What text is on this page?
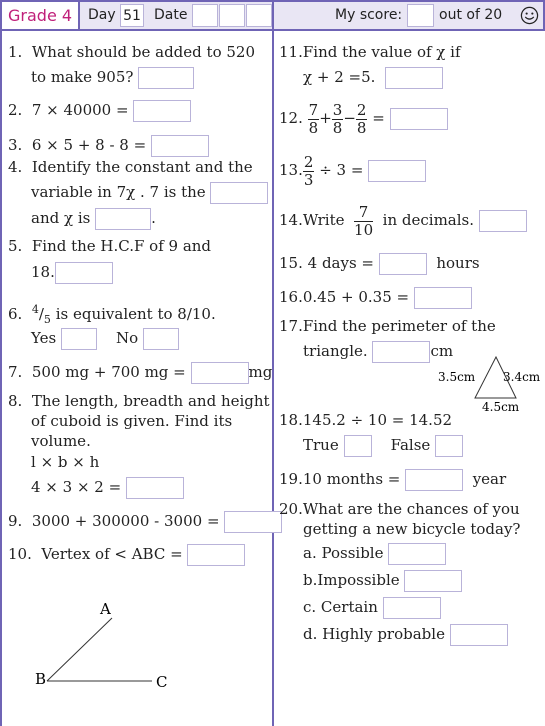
Grade 4	Day 51 Date	My score:	out of 20
1. What should be added to 520
to make 905?
2. 7 × 40000 =
3. 6 × 5 + 8 - 8 =
4. Identify the constant and the
variable in 7χ . 7 is the
and χ is	.
5. Find the H.C.F of 9 and
18.
6. $^4/_5$ is equivalent to 8/10.
Yes	No
7. 500 mg + 700 mg =	mg
8. The length, breadth and height
of cuboid is given. Find its
volume.
l × b × h
4 × 3 × 2 =
9. 3000 + 300000 - 3000 =
10. Vertex of < ABC =
A
B	C
11.Find the value of χ if
χ + 2 =5.
12. $\frac{7}{8} + \frac{3}{8} - \frac{2}{8}$ =
13. $\frac{2}{3} \div 3$ =
14.Write $\frac{7}{10}$ in decimals.
15. 4 days =	hours
16.0.45 + 0.35 =
17.Find the perimeter of the
triangle.	cm
3.5cm 3.4cm
4.5cm
18.145.2 ÷ 10 = 14.52
True	False
19.10 months =	year
20.What are the chances of you
getting a new bicycle today?
a. Possible
b.Impossible
c. Certain
d. Highly probable
